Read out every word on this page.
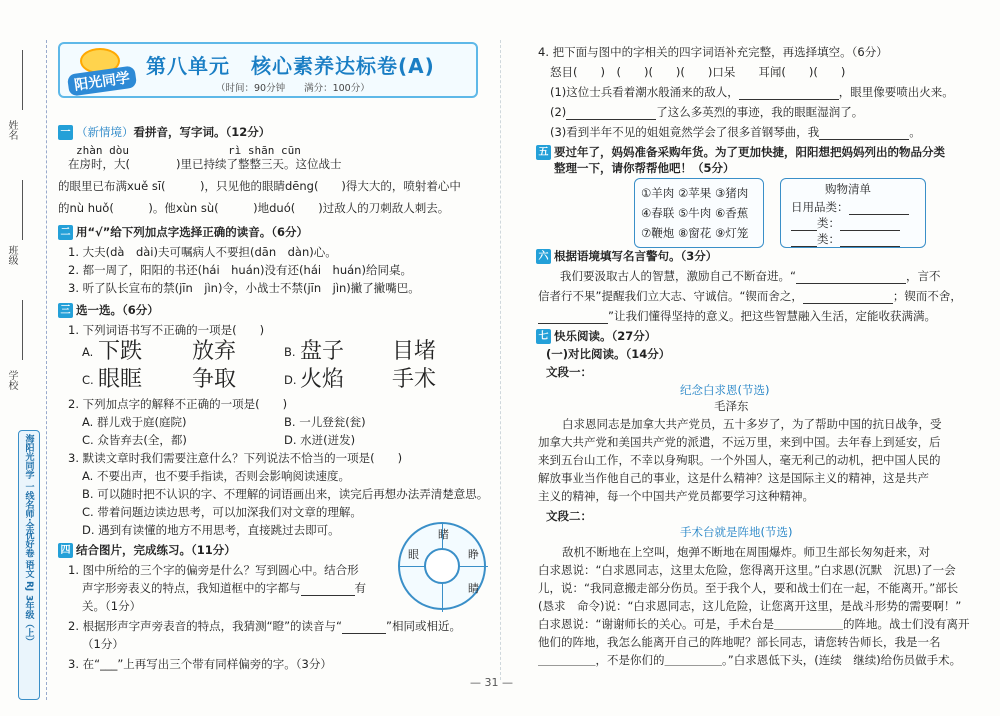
姓名
班级
学校
海阳光同学
一线名师·全优好卷
语文
RJ
3年级（上）
阳光同学
第八单元　核心素养达标卷(A)
（时间：90分钟　　满分：100分）
一 （新情境）看拼音，写字词。（12分）
zhàn dòu　　　　　　　　　rì shān cūn
在房时，大(　　　　)里已持续了整整三天。这位战士
的眼里已布满xuě sī(　　　)，只见他的眼睛dēng(　　)得大大的，喷射着心中
的nù huǒ(　　　)。他xùn sù(　　　)地duó(　　)过敌人的刀刺敌人刺去。
二 用“√”给下列加点字选择正确的读音。（6分）
1. 大夫(dà　dài)夫可嘱病人不要担(dān　dàn)心。
2. 都一周了，阳阳的书还(hái　huán)没有还(hái　huán)给同桌。
3. 听了队长宣布的禁(jīn　jìn)令，小战士不禁(jīn　jìn)撇了撇嘴巴。
三 选一选。（6分）
1. 下列词语书写不正确的一项是(　　)
A. 下跌 放弃	B. 盘子 目堵
C. 眼眶 争取	D. 火焰 手术
2. 下列加点字的解释不正确的一项是(　　)
A. 群儿戏于庭(庭院)	B. 一儿登瓮(瓮)
C. 众皆弃去(全，都)	D. 水迸(迸发)
3. 默读文章时我们需要注意什么？下列说法不恰当的一项是(　　)
A. 不要出声，也不要手指读，否则会影响阅读速度。
B. 可以随时把不认识的字、不理解的词语画出来，读完后再想办法弄清楚意思。
C. 带着问题边读边思考，可以加深我们对文章的理解。
D. 遇到有读懂的地方不用思考，直接跳过去即可。
四 结合图片，完成练习。（11分）
1. 图中所给的三个字的偏旁是什么？写到圆心中。结合形
声字形旁表义的特点，我知道框中的字都与	有
关。（1分）
2. 根据形声字声旁表音的特点，我猜测“瞪”的读音与“	”相同或相近。
（1分）
3. 在“___”上再写出三个带有同样偏旁的字。（3分）
眼
睹
睁
睛
4. 把下面与图中的字相关的四字词语补充完整，再选择填空。（6分）
怒目(　　)　(　　)(　　)(　　)口呆　　耳闻(　　)(　　)
(1)这位士兵看着潮水般涌来的敌人，	，眼里像要喷出火来。
(2)	了这么多英烈的事迹，我的眼眶湿润了。
(3)看到半年不见的姐姐竟然学会了很多首钢琴曲，我	。
五 要过年了，妈妈准备采购年货。为了更加快捷，阳阳想把妈妈列出的物品分类
①羊肉 ②苹果 ③猪肉
④春联 ⑤牛肉 ⑥香蕉
⑦鞭炮 ⑧窗花 ⑨灯笼
购物清单
日用品类：
类：
类：
六 根据语境填写名言警句。（3分）
我们要汲取古人的智慧，激励自己不断奋进。“	，言不
信者行不果”提醒我们立大志、守诚信。“锲而舍之，	；锲而不舍，
”让我们懂得坚持的意义。把这些智慧融入生活，定能收获满满。
七 快乐阅读。（27分）
(一)对比阅读。（14分）
文段一：
纪念白求恩(节选)
毛泽东
白求恩同志是加拿大共产党员，五十多岁了，为了帮助中国的抗日战争，受
加拿大共产党和美国共产党的派遣，不远万里，来到中国。去年春上到延安，后
来到五台山工作，不幸以身殉职。一个外国人，毫无利己的动机，把中国人民的
解放事业当作他自己的事业，这是什么精神？这是国际主义的精神，这是共产
主义的精神，每一个中国共产党员都要学习这种精神。
文段二：
手术台就是阵地(节选)
敌机不断地在上空叫，炮弹不断地在周围爆炸。师卫生部长匆匆赶来，对
白求恩说：“白求恩同志，这里太危险，您得离开这里。”白求恩(沉默　沉思)了一会
儿，说：“我同意搬走部分伤员。至于我个人，要和战士们在一起，不能离开。”部长
(恳求　命令)说：“白求恩同志，这儿危险，让您离开这里，是战斗形势的需要啊！”
白求恩说：“谢谢师长的关心。可是，手术台是＿＿＿＿＿＿的阵地。战士们没有离开
他们的阵地，我怎么能离开自己的阵地呢？部长同志，请您转告师长，我是一名
＿＿＿＿＿，不是你们的＿＿＿＿＿。”白求恩低下头，(连续　继续)给伤员做手术。
整理一下，请你帮帮他吧！（5分）
— 31 —
